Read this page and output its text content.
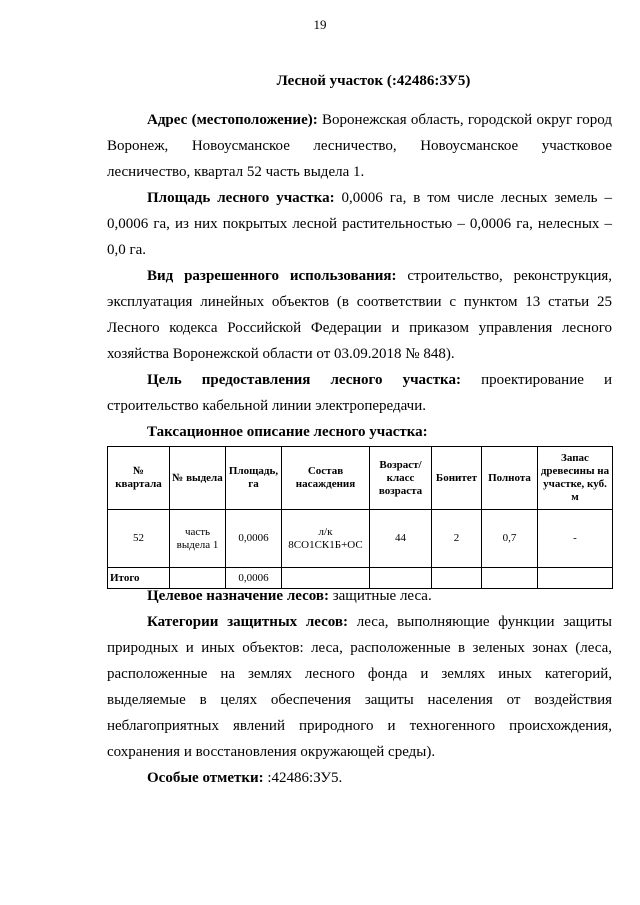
19
Лесной участок (:42486:ЗУ5)

Адрес (местоположение): Воронежская область, городской округ город Воронеж, Новоусманское лесничество, Новоусманское участковое лесничество, квартал 52 часть выдела 1.

Площадь лесного участка: 0,0006 га, в том числе лесных земель – 0,0006 га, из них покрытых лесной растительностью – 0,0006 га, нелесных – 0,0 га.

Вид разрешенного использования: строительство, реконструкция, эксплуатация линейных объектов (в соответствии с пунктом 13 статьи 25 Лесного кодекса Российской Федерации и приказом управления лесного хозяйства Воронежской области от 03.09.2018 № 848).

Цель предоставления лесного участка: проектирование и строительство кабельной линии электропередачи.

Таксационное описание лесного участка:

№ квартала	№ выдела	Площадь, га	Состав насаждения	Возраст/ класс возраста	Бонитет	Полнота	Запас древесины на участке, куб. м
52	часть выдела 1	0,0006	л/к 8СО1СК1Б+ОС	44	2	0,7	-
Итого		0,0006					

Целевое назначение лесов: защитные леса.

Категории защитных лесов: леса, выполняющие функции защиты природных и иных объектов: леса, расположенные в зеленых зонах (леса, расположенные на землях лесного фонда и землях иных категорий, выделяемые в целях обеспечения защиты населения от воздействия неблагоприятных явлений природного и техногенного происхождения, сохранения и восстановления окружающей среды).

Особые отметки: :42486:ЗУ5.
